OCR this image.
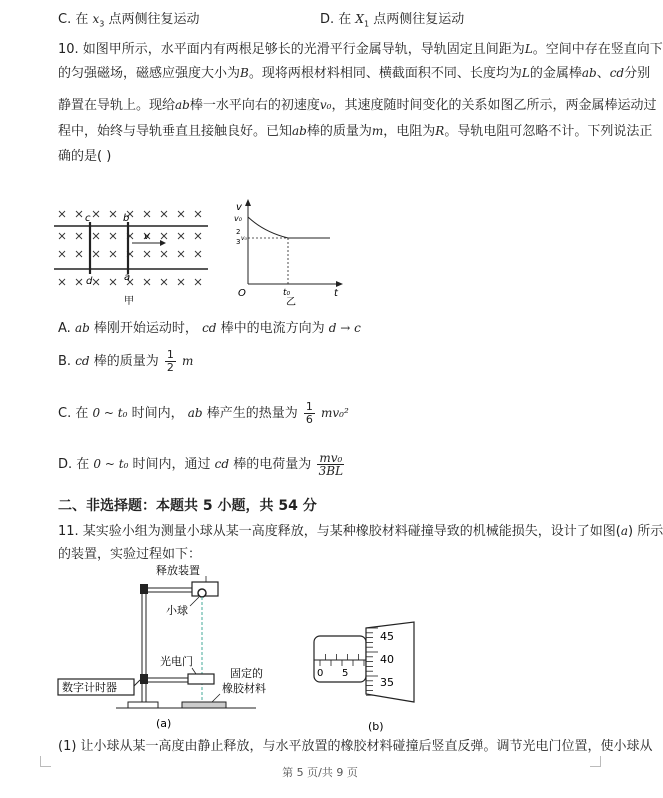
C. 在 $x_3$ 点两侧往复运动	D. 在 $X_1$ 点两侧往复运动
10. 如图甲所示，水平面内有两根足够长的光滑平行金属导轨，导轨固定且间距为L。空间中存在竖直向下
的匀强磁场，磁感应强度大小为B。现将两根材料相同、横截面积不同、长度均为L的金属棒ab、cd分别
静置在导轨上。现给ab棒一水平向右的初速度v₀，其速度随时间变化的关系如图乙所示，两金属棒运动过
程中，始终与导轨垂直且接触良好。已知ab棒的质量为m，电阻为R。导轨电阻可忽略不计。下列说法正
确的是( )
c	b
d	a
v
甲
v
v₀
2
3 v₀
O	t₀	t
乙
A. ab 棒刚开始运动时， cd 棒中的电流方向为 d → c
B. cd 棒的质量为 $\frac{1}{2}$ m
C. 在 0 ~ t₀ 时间内， ab 棒产生的热量为 $\frac{1}{6} mv_0^2$
D. 在 0 ~ t₀ 时间内，通过 cd 棒的电荷量为 $\frac{\text{mv₀}}{3BL}$
二、非选择题：本题共 5 小题，共 54 分
11. 某实验小组为测量小球从某一高度释放，与某种橡胶材料碰撞导致的机械能损失，设计了如图(a) 所示
的装置，实验过程如下：
数字计时器
释放装置
小球
光电门
固定的
橡胶材料
(a)
0 5
45
40
35
(b)
(1) 让小球从某一高度由静止释放，与水平放置的橡胶材料碰撞后竖直反弹。调节光电门位置，使小球从
第 5 页/共 9 页
